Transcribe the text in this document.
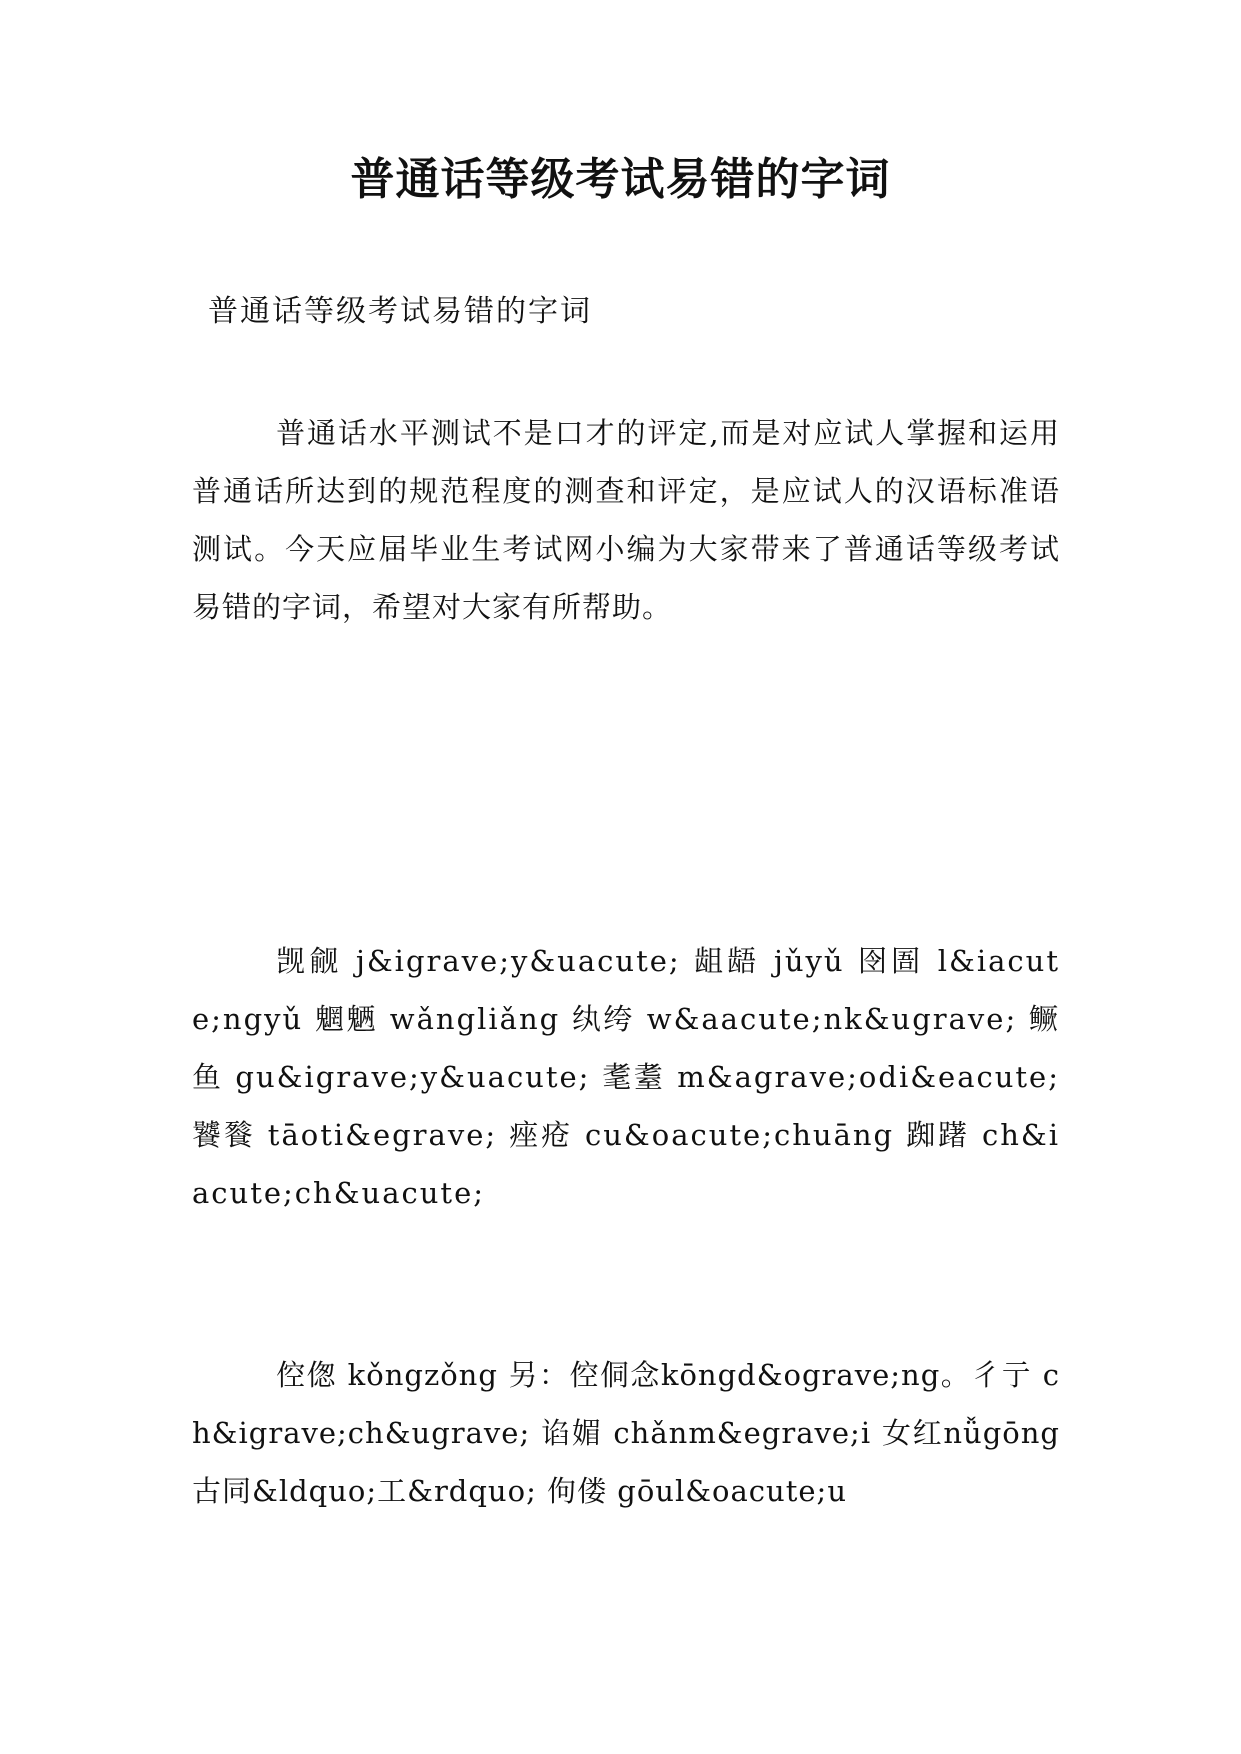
普通话等级考试易错的字词

普通话等级考试易错的字词

普通话水平测试不是口才的评定,而是对应试人掌握和运用普通话所达到的规范程度的测查和评定，是应试人的汉语标准语测试。今天应届毕业生考试网小编为大家带来了普通话等级考试易错的字词，希望对大家有所帮助。

觊觎 j&igrave;y&uacute; 龃龉 jǔyǔ 囹圄 l&iacute;ngyǔ 魍魉 wǎngliǎng 纨绔 w&aacute;nk&ugrave; 鳜鱼 gu&igrave;y&uacute; 耄耋 m&agrave;odi&eacute; 饕餮 tāoti&egrave; 痤疮 cu&oacute;chuāng 踟躇 ch&iacute;ch&uacute;

倥偬 kǒngzǒng 另：倥侗念kōngd&ograve;ng。彳亍 ch&igrave;ch&ugrave; 谄媚 chǎnm&egrave;i 女红nǚgōng 古同&ldquo;工&rdquo; 佝偻 gōul&oacute;u
